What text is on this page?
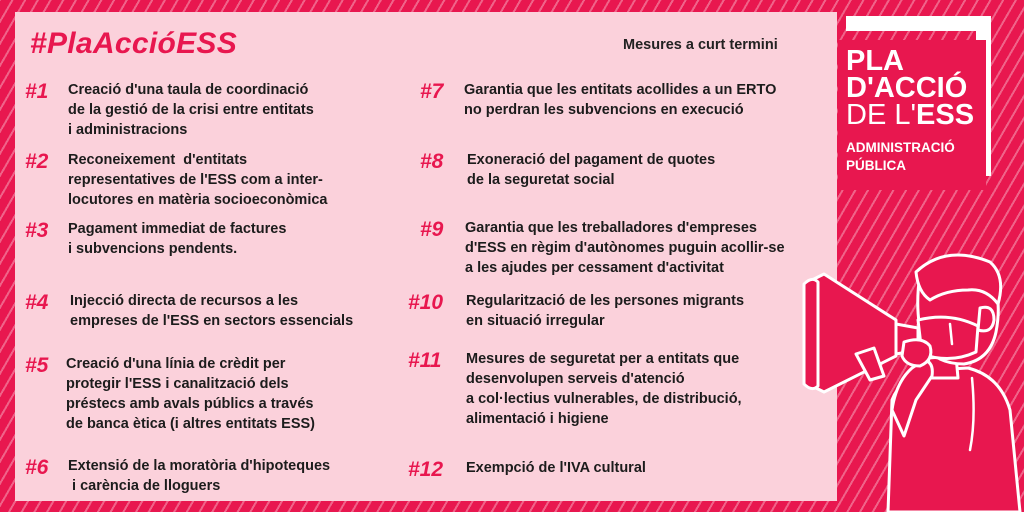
#PlaAccióESS	Mesures a curt termini
#1 Creació d'una taula de coordinació
de la gestió de la crisi entre entitats
i administracions
#2 Reconeixement  d'entitats
representatives de l'ESS com a inter-
locutores en matèria socioeconòmica
#3 Pagament immediat de factures
i subvencions pendents.
#4 Injecció directa de recursos a les
empreses de l'ESS en sectors essencials
#5 Creació d'una línia de crèdit per
protegir l'ESS i canalització dels
préstecs amb avals públics a través
de banca ètica (i altres entitats ESS)
#6 Extensió de la moratòria d'hipoteques
i carència de lloguers
#7 Garantia que les entitats acollides a un ERTO
no perdran les subvencions en execució
#8 Exoneració del pagament de quotes
de la seguretat social
#9 Garantia que les treballadores d'empreses
d'ESS en règim d'autònomes puguin acollir-se
a les ajudes per cessament d'activitat
#10 Regularització de les persones migrants
en situació irregular
#11 Mesures de seguretat per a entitats que
desenvolupen serveis d'atenció
a col·lectius vulnerables, de distribució,
alimentació i higiene
#12 Exempció de l'IVA cultural
PLA
D'ACCIÓ
DE L'ESS
ADMINISTRACIÓ
PÚBLICA
